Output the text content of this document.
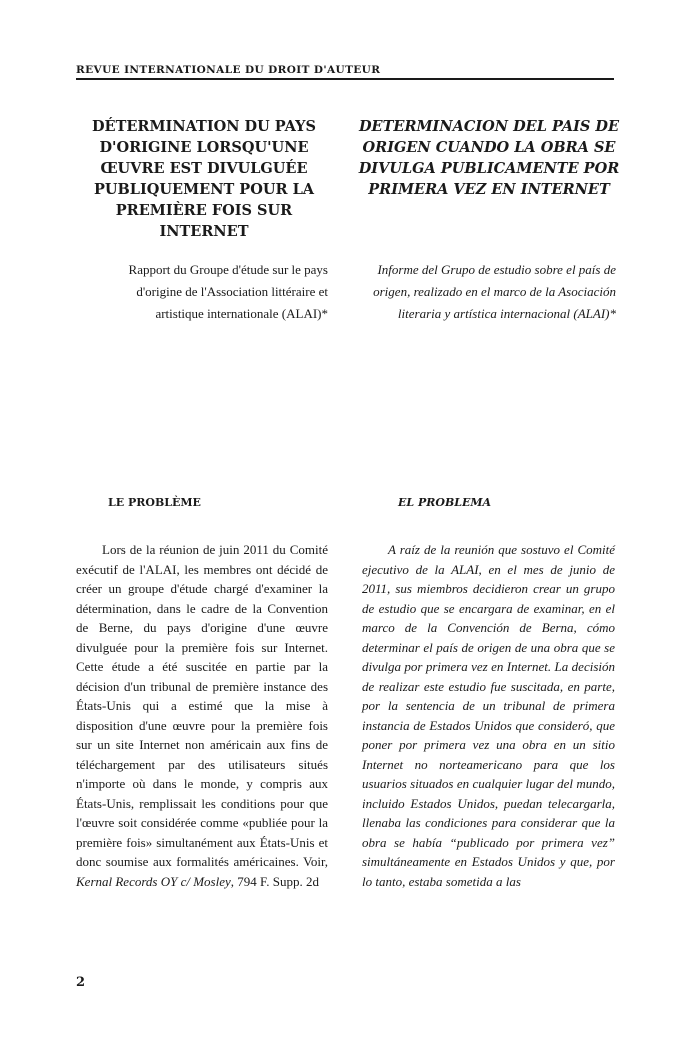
REVUE INTERNATIONALE DU DROIT D'AUTEUR
DÉTERMINATION DU PAYS D'ORIGINE LORSQU'UNE ŒUVRE EST DIVULGUÉE PUBLIQUEMENT POUR LA PREMIÈRE FOIS SUR INTERNET
DETERMINACION DEL PAIS DE ORIGEN CUANDO LA OBRA SE DIVULGA PUBLICAMENTE POR PRIMERA VEZ EN INTERNET
Rapport du Groupe d'étude sur le pays d'origine de l'Association littéraire et artistique internationale (ALAI)*
Informe del Grupo de estudio sobre el país de origen, realizado en el marco de la Asociación literaria y artística internacional (ALAI)*
LE PROBLÈME	EL PROBLEMA

Lors de la réunion de juin 2011 du Comité exécutif de l'ALAI, les membres ont décidé de créer un groupe d'étude chargé d'examiner la détermination, dans le cadre de la Convention de Berne, du pays d'origine d'une œuvre divulguée pour la première fois sur Internet. Cette étude a été suscitée en partie par la décision d'un tribunal de première instance des États-Unis qui a estimé que la mise à disposition d'une œuvre pour la première fois sur un site Internet non américain aux fins de téléchargement par des utilisateurs situés n'importe où dans le monde, y compris aux États-Unis, remplissait les conditions pour que l'œuvre soit considérée comme «publiée pour la première fois» simultanément aux États-Unis et donc soumise aux formalités américaines. Voir, Kernal Records OY c/ Mosley, 794 F. Supp. 2d

A raíz de la reunión que sostuvo el Comité ejecutivo de la ALAI, en el mes de junio de 2011, sus miembros decidieron crear un grupo de estudio que se encargara de examinar, en el marco de la Convención de Berna, cómo determinar el país de origen de una obra que se divulga por primera vez en Internet. La decisión de realizar este estudio fue suscitada, en parte, por la sentencia de un tribunal de primera instancia de Estados Unidos que consideró, que poner por primera vez una obra en un sitio Internet no norteamericano para que los usuarios situados en cualquier lugar del mundo, incluido Estados Unidos, puedan telecargarla, llenaba las condiciones para considerar que la obra se había “publicado por primera vez” simultáneamente en Estados Unidos y que, por lo tanto, estaba sometida a las

2
